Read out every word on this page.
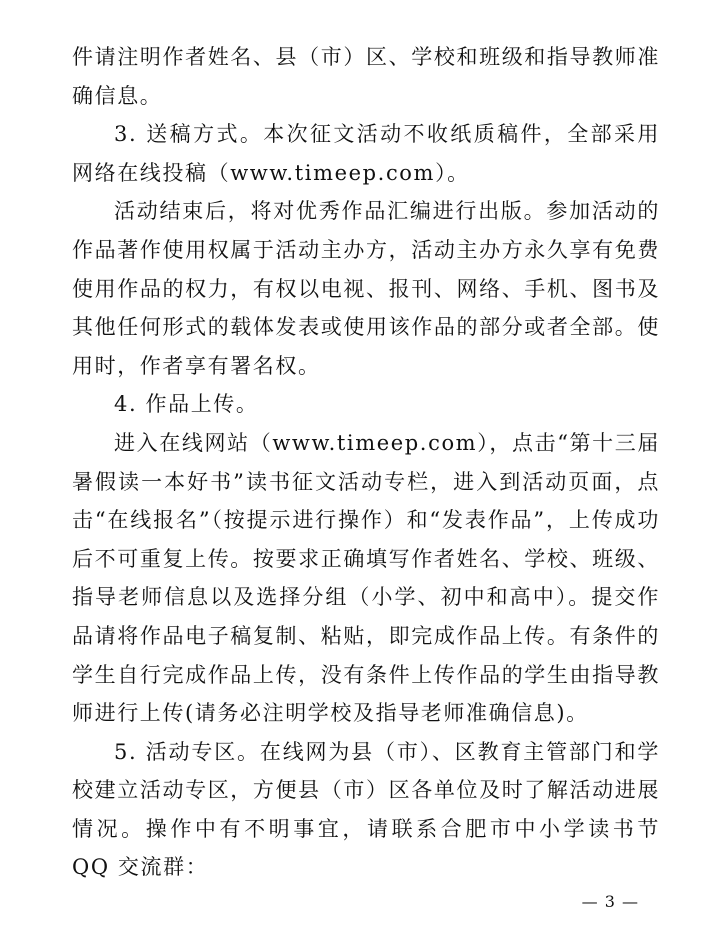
件请注明作者姓名、县（市）区、学校和班级和指导教师准确信息。

3. 送稿方式。本次征文活动不收纸质稿件，全部采用网络在线投稿（www.timeep.com）。

活动结束后，将对优秀作品汇编进行出版。参加活动的作品著作使用权属于活动主办方，活动主办方永久享有免费使用作品的权力，有权以电视、报刊、网络、手机、图书及其他任何形式的载体发表或使用该作品的部分或者全部。使用时，作者享有署名权。

4. 作品上传。

进入在线网站（www.timeep.com），点击“第十三届暑假读一本好书”读书征文活动专栏，进入到活动页面，点击“在线报名”（按提示进行操作）和“发表作品”，上传成功后不可重复上传。按要求正确填写作者姓名、学校、班级、指导老师信息以及选择分组（小学、初中和高中）。提交作品请将作品电子稿复制、粘贴，即完成作品上传。有条件的学生自行完成作品上传，没有条件上传作品的学生由指导教师进行上传(请务必注明学校及指导老师准确信息)。

5. 活动专区。在线网为县（市）、区教育主管部门和学校建立活动专区，方便县（市）区各单位及时了解活动进展情况。操作中有不明事宜，请联系合肥市中小学读书节 QQ 交流群：

— 3 —
